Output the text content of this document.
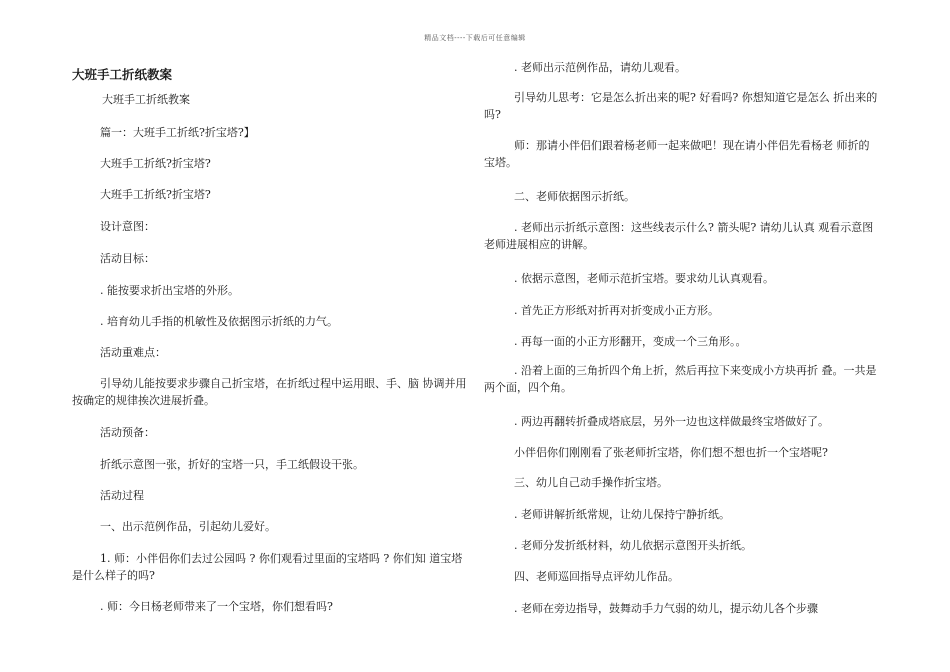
精品文档----下载后可任意编辑
大班手工折纸教案
大班手工折纸教案
篇一：大班手工折纸?折宝塔?】
大班手工折纸?折宝塔?
大班手工折纸?折宝塔?
设计意图：
活动目标：
. 能按要求折出宝塔的外形。
. 培育幼儿手指的机敏性及依据图示折纸的力气。
活动重难点：
引导幼儿能按要求步骤自己折宝塔，在折纸过程中运用眼、手、脑 协调并用按确定的规律挨次进展折叠。
活动预备：
折纸示意图一张，折好的宝塔一只，手工纸假设干张。
活动过程
一、出示范例作品，引起幼儿爱好。
1. 师：小伴侣你们去过公园吗 ? 你们观看过里面的宝塔吗 ? 你们知 道宝塔是什么样子的吗?
. 师：今日杨老师带来了一个宝塔，你们想看吗?
. 老师出示范例作品，请幼儿观看。
引导幼儿思考：它是怎么折出来的呢? 好看吗? 你想知道它是怎么 折出来的吗?
师：那请小伴侣们跟着杨老师一起来做吧！现在请小伴侣先看杨老 师折的宝塔。
二、老师依据图示折纸。
. 老师出示折纸示意图：这些线表示什么? 箭头呢? 请幼儿认真 观看示意图老师进展相应的讲解。
. 依据示意图，老师示范折宝塔。要求幼儿认真观看。
. 首先正方形纸对折再对折变成小正方形。
. 再每一面的小正方形翻开，变成一个三角形。。
. 沿着上面的三角折四个角上折，然后再拉下来变成小方块再折 叠。一共是两个面，四个角。
. 两边再翻转折叠成塔底层，另外一边也这样做最终宝塔做好了。
小伴侣你们刚刚看了张老师折宝塔，你们想不想也折一个宝塔呢?
三、幼儿自己动手操作折宝塔。
. 老师讲解折纸常规，让幼儿保持宁静折纸。
. 老师分发折纸材料，幼儿依据示意图开头折纸。
四、老师巡回指导点评幼儿作品。
. 老师在旁边指导，鼓舞动手力气弱的幼儿，提示幼儿各个步骤
